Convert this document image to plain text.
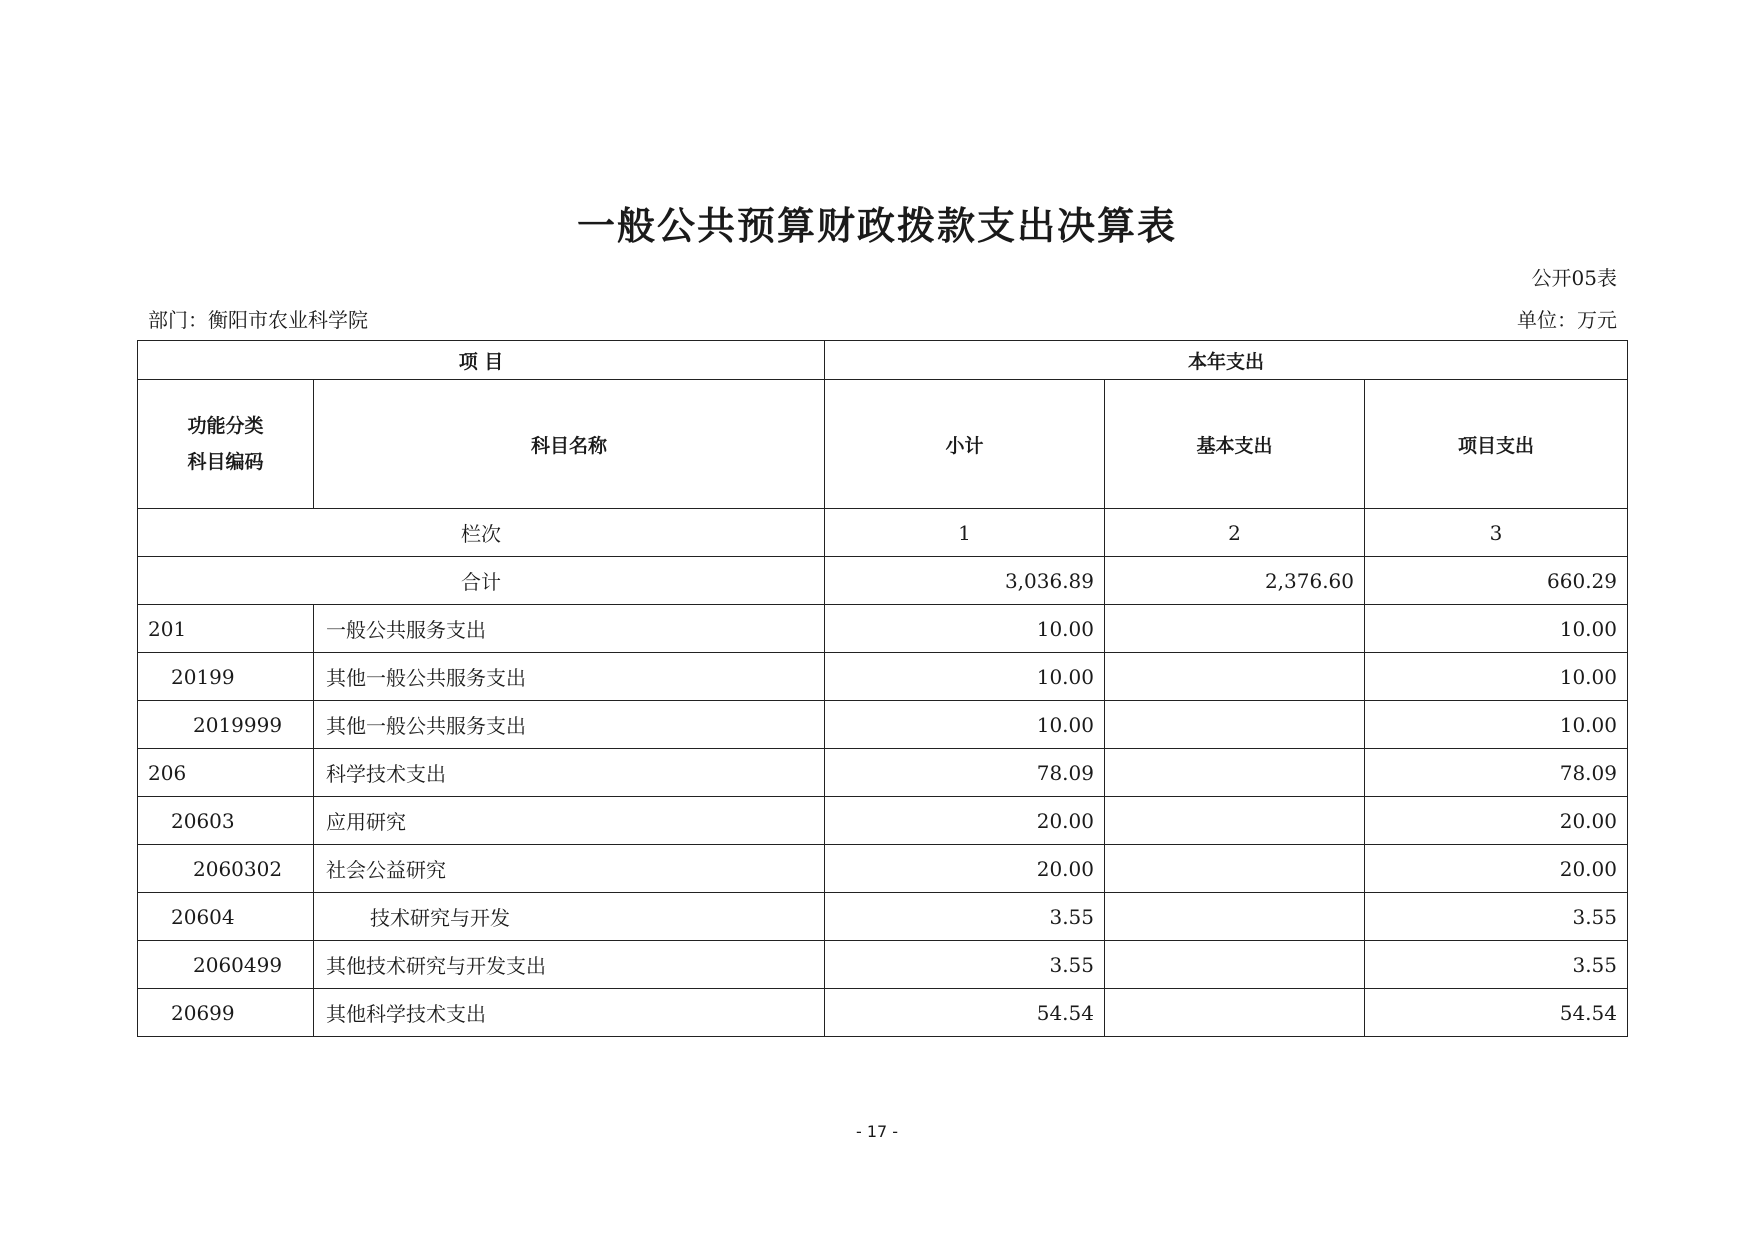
一般公共预算财政拨款支出决算表
公开05表
部门：衡阳市农业科学院	单位：万元
项 目		本年支出		

功能分类
科目编码	科目名称	小计	基本支出	项目支出
栏次		1	2	3
合计		3,036.89	2,376.60	660.29
201	一般公共服务支出	10.00		10.00
20199	其他一般公共服务支出	10.00		10.00
2019999	其他一般公共服务支出	10.00		10.00
206	科学技术支出	78.09		78.09
20603	应用研究	20.00		20.00
2060302	社会公益研究	20.00		20.00
20604	技术研究与开发	3.55		3.55
2060499	其他技术研究与开发支出	3.55		3.55
20699	其他科学技术支出	54.54		54.54
- 17 -
